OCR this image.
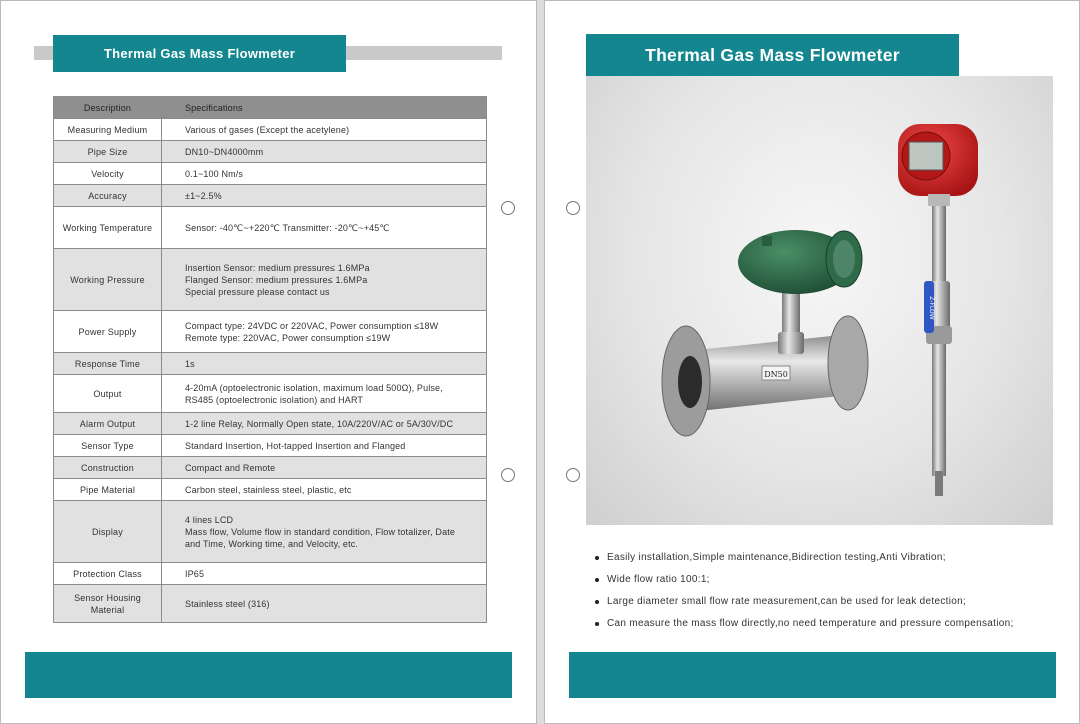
Thermal Gas Mass Flowmeter
Description	Specifications

Measuring Medium	Various of gases (Except the acetylene)

Pipe Size	DN10~DN4000mm

Velocity	0.1~100 Nm/s

Accuracy	±1~2.5%

Working Temperature	Sensor: -40℃~+220℃ Transmitter: -20℃~+45℃

Working Pressure	Insertion Sensor: medium pressure≤ 1.6MPa
Flanged Sensor: medium pressure≤ 1.6MPa
Special pressure please contact us

Power Supply	Compact type: 24VDC or 220VAC, Power consumption ≤18W
Remote type: 220VAC, Power consumption ≤19W

Response Time	1s

Output	4-20mA (optoelectronic isolation, maximum load 500Ω), Pulse,
RS485 (optoelectronic isolation) and HART

Alarm Output	1-2 line Relay, Normally Open state, 10A/220V/AC or 5A/30V/DC

Sensor Type	Standard Insertion, Hot-tapped Insertion and Flanged

Construction	Compact and Remote

Pipe Material	Carbon steel, stainless steel, plastic, etc

Display	4 lines LCD
Mass flow, Volume flow in standard condition, Flow totalizer, Date
and Time, Working time, and Velocity, etc.

Protection Class	IP65

Sensor Housing
Material	Stainless steel (316)
DN50
Z-FLOW
Thermal Gas Mass Flowmeter
Easily installation,Simple maintenance,Bidirection testing,Anti Vibration;
Wide flow ratio 100:1;
Large diameter small flow rate measurement,can be used for leak detection;
Can measure the mass flow directly,no need temperature and pressure compensation;
